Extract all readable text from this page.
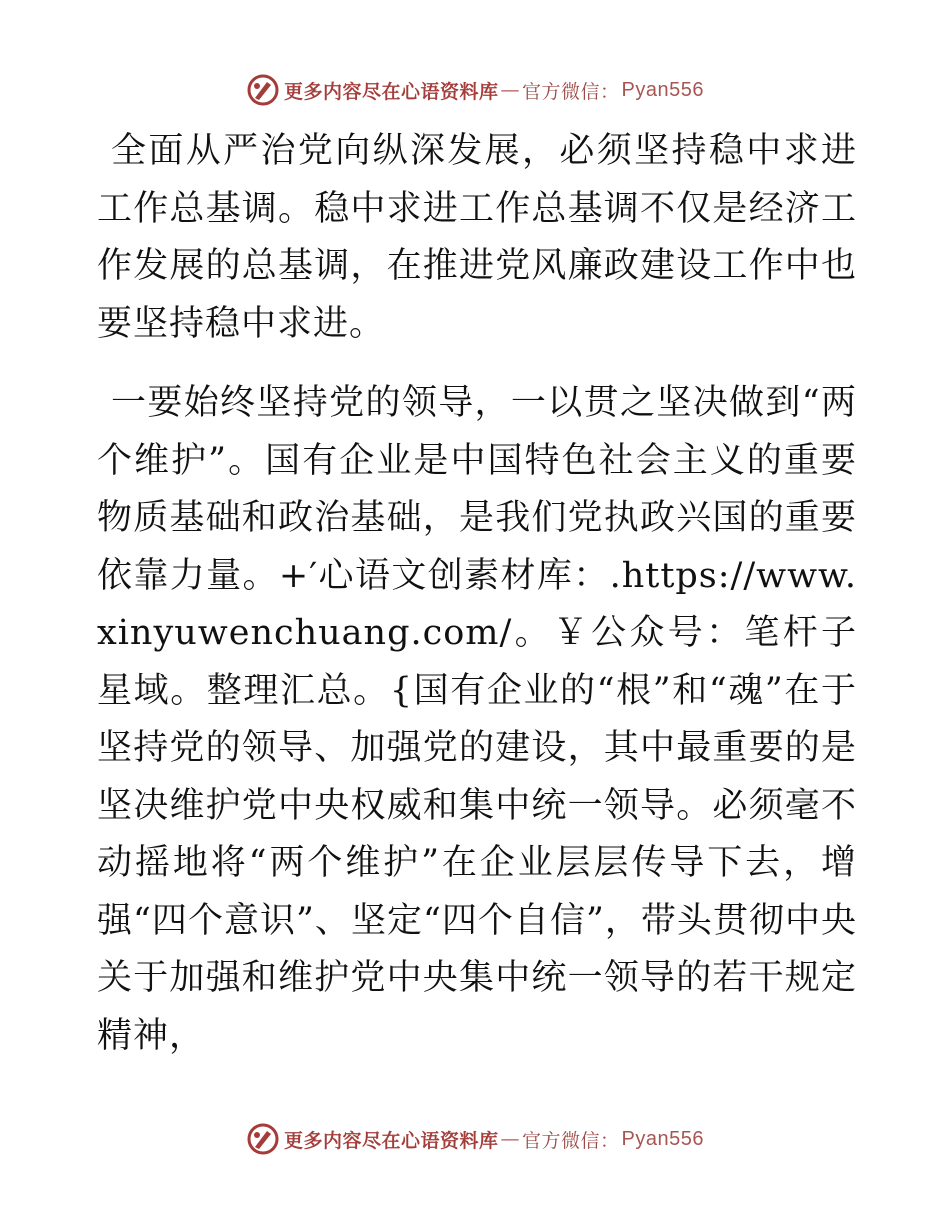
更多内容尽在心语资料库 — 官方微信 ： Pyan556

全面从严治党向纵深发展，必须坚持稳中求进工作总基调。稳中求进工作总基调不仅是经济工作发展的总基调，在推进党风廉政建设工作中也要坚持稳中求进。

一要始终坚持党的领导，一以贯之坚决做到“两个维护”。国有企业是中国特色社会主义的重要物质基础和政治基础，是我们党执政兴国的重要依靠力量。+′心语文创素材库：.https://www.xinyuwenchuang.com/。￥公众号：笔杆子星域。整理汇总。{国有企业的“根”和“魂”在于坚持党的领导、加强党的建设，其中最重要的是坚决维护党中央权威和集中统一领导。必须毫不动摇地将“两个维护”在企业层层传导下去，增强“四个意识”、坚定“四个自信”，带头贯彻中央关于加强和维护党中央集中统一领导的若干规定精神，

更多内容尽在心语资料库 — 官方微信 ： Pyan556
